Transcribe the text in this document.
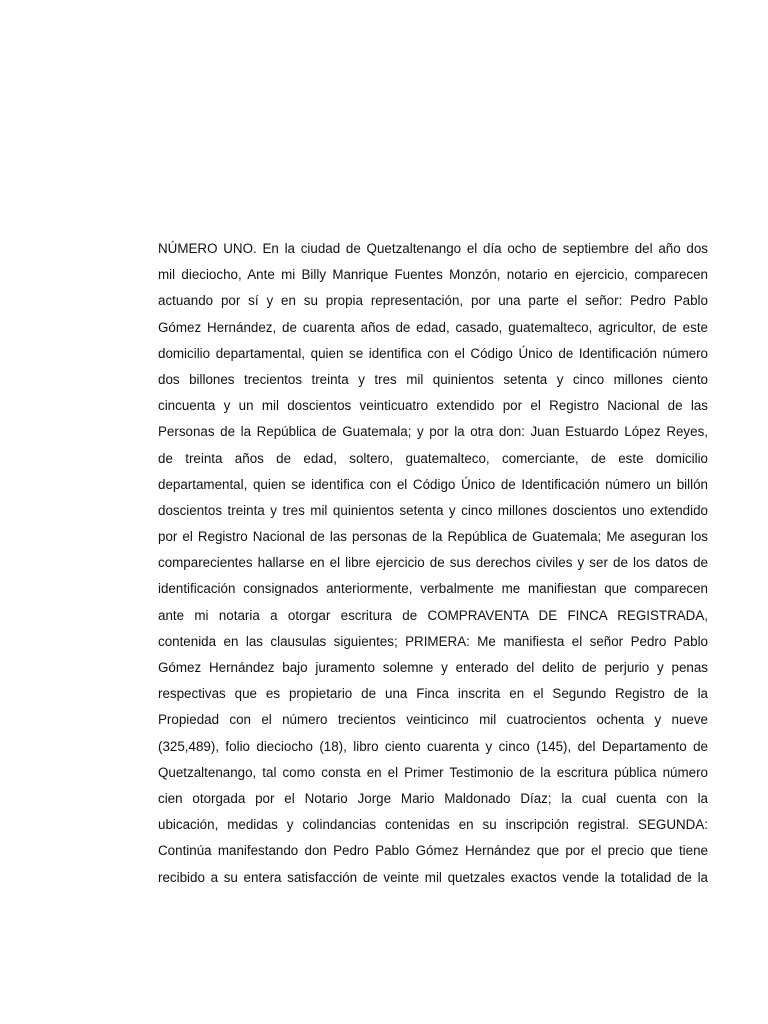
NÚMERO UNO. En la ciudad de Quetzaltenango el día ocho de septiembre del año dos
mil dieciocho, Ante mi Billy Manrique Fuentes Monzón, notario en ejercicio, comparecen
actuando por sí y en su propia representación, por una parte el señor: Pedro Pablo
Gómez Hernández, de cuarenta años de edad, casado, guatemalteco, agricultor, de este
domicilio departamental, quien se identifica con el Código Único de Identificación número
dos billones trecientos treinta y tres mil quinientos setenta y cinco millones ciento
cincuenta y un mil doscientos veinticuatro extendido por el Registro Nacional de las
Personas de la República de Guatemala; y por la otra don: Juan Estuardo López Reyes,
de treinta años de edad, soltero, guatemalteco, comerciante, de este domicilio
departamental, quien se identifica con el Código Único de Identificación número un billón
doscientos treinta y tres mil quinientos setenta y cinco millones doscientos uno extendido
por el Registro Nacional de las personas de la República de Guatemala; Me aseguran los
comparecientes hallarse en el libre ejercicio de sus derechos civiles y ser de los datos de
identificación consignados anteriormente, verbalmente me manifiestan que comparecen
ante mi notaria a otorgar escritura de COMPRAVENTA DE FINCA REGISTRADA,
contenida en las clausulas siguientes; PRIMERA: Me manifiesta el señor Pedro Pablo
Gómez Hernández bajo juramento solemne y enterado del delito de perjurio y penas
respectivas que es propietario de una Finca inscrita en el Segundo Registro de la
Propiedad con el número trecientos veinticinco mil cuatrocientos ochenta y nueve
(325,489), folio dieciocho (18), libro ciento cuarenta y cinco (145), del Departamento de
Quetzaltenango, tal como consta en el Primer Testimonio de la escritura pública número
cien otorgada por el Notario Jorge Mario Maldonado Díaz; la cual cuenta con la
ubicación, medidas y colindancias contenidas en su inscripción registral. SEGUNDA:
Continúa manifestando don Pedro Pablo Gómez Hernández que por el precio que tiene
recibido a su entera satisfacción de veinte mil quetzales exactos vende la totalidad de la
